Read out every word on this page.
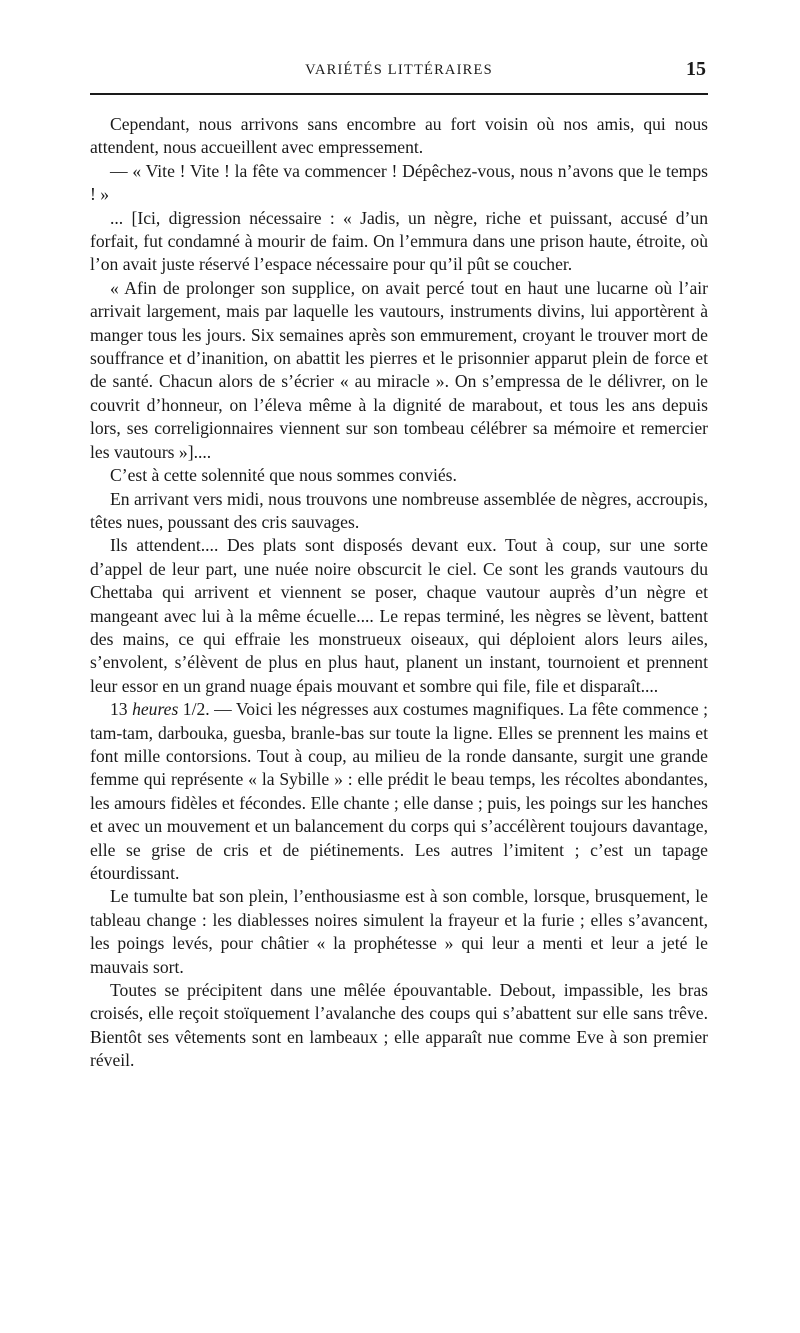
VARIÉTÉS LITTÉRAIRES	15

Cependant, nous arrivons sans encombre au fort voisin où nos amis, qui nous attendent, nous accueillent avec empressement.

— « Vite ! Vite ! la fête va commencer ! Dépêchez-vous, nous n’avons que le temps ! »

... [Ici, digression nécessaire : « Jadis, un nègre, riche et puissant, accusé d’un forfait, fut condamné à mourir de faim. On l’emmura dans une prison haute, étroite, où l’on avait juste réservé l’espace nécessaire pour qu’il pût se coucher.

« Afin de prolonger son supplice, on avait percé tout en haut une lucarne où l’air arrivait largement, mais par laquelle les vautours, instruments divins, lui apportèrent à manger tous les jours. Six semaines après son emmurement, croyant le trouver mort de souffrance et d’inanition, on abattit les pierres et le prisonnier apparut plein de force et de santé. Chacun alors de s’écrier « au miracle ». On s’empressa de le délivrer, on le couvrit d’honneur, on l’éleva même à la dignité de marabout, et tous les ans depuis lors, ses correligionnaires viennent sur son tombeau célébrer sa mémoire et remercier les vautours »]....

C’est à cette solennité que nous sommes conviés.

En arrivant vers midi, nous trouvons une nombreuse assemblée de nègres, accroupis, têtes nues, poussant des cris sauvages.

Ils attendent.... Des plats sont disposés devant eux. Tout à coup, sur une sorte d’appel de leur part, une nuée noire obscurcit le ciel. Ce sont les grands vautours du Chettaba qui arrivent et viennent se poser, chaque vautour auprès d’un nègre et mangeant avec lui à la même écuelle.... Le repas terminé, les nègres se lèvent, battent des mains, ce qui effraie les monstrueux oiseaux, qui déploient alors leurs ailes, s’envolent, s’élèvent de plus en plus haut, planent un instant, tournoient et prennent leur essor en un grand nuage épais mouvant et sombre qui file, file et disparaît....

13 heures 1/2. — Voici les négresses aux costumes magnifiques. La fête commence ; tam-tam, darbouka, guesba, branle-bas sur toute la ligne. Elles se prennent les mains et font mille contorsions. Tout à coup, au milieu de la ronde dansante, surgit une grande femme qui représente « la Sybille » : elle prédit le beau temps, les récoltes abondantes, les amours fidèles et fécondes. Elle chante ; elle danse ; puis, les poings sur les hanches et avec un mouvement et un balancement du corps qui s’accélèrent toujours davantage, elle se grise de cris et de piétinements. Les autres l’imitent ; c’est un tapage étourdissant.

Le tumulte bat son plein, l’enthousiasme est à son comble, lorsque, brusquement, le tableau change : les diablesses noires simulent la frayeur et la furie ; elles s’avancent, les poings levés, pour châtier « la prophétesse » qui leur a menti et leur a jeté le mauvais sort.

Toutes se précipitent dans une mêlée épouvantable. Debout, impassible, les bras croisés, elle reçoit stoïquement l’avalanche des coups qui s’abattent sur elle sans trêve. Bientôt ses vêtements sont en lambeaux ; elle apparaît nue comme Eve à son premier réveil.
